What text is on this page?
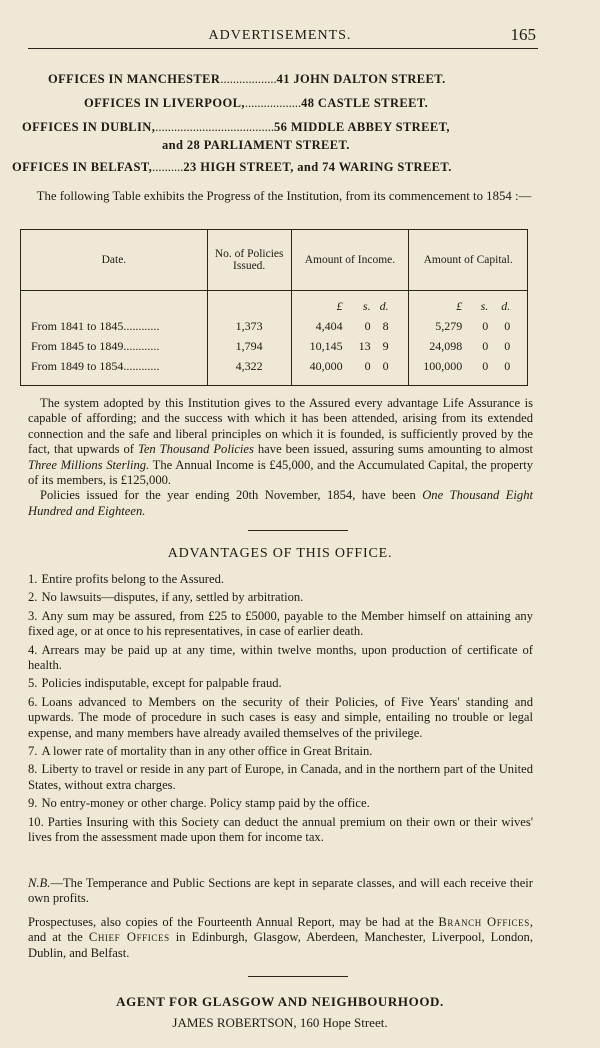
ADVERTISEMENTS.	165
OFFICES IN MANCHESTER..................41 JOHN DALTON STREET.
OFFICES IN LIVERPOOL,..................48 CASTLE STREET.
OFFICES IN DUBLIN,......................................56 MIDDLE ABBEY STREET,
and 28 PARLIAMENT STREET.
OFFICES IN BELFAST,..........23 HIGH STREET, and 74 WARING STREET.
The following Table exhibits the Progress of the Institution, from its commencement to 1854 :—
Date.	No. of Policies Issued.	Amount of Income.	Amount of Capital.
		£ s. d.	£ s. d.
From 1841 to 1845............	1,373	4,404 0 8	5,279 0 0
From 1845 to 1849............	1,794	10,145 13 9	24,098 0 0
From 1849 to 1854............	4,322	40,000 0 0	100,000 0 0

The system adopted by this Institution gives to the Assured every advantage Life Assurance is capable of affording; and the success with which it has been attended, arising from its extended connection and the safe and liberal principles on which it is founded, is sufficiently proved by the fact, that upwards of Ten Thousand Policies have been issued, assuring sums amounting to almost Three Millions Sterling. The Annual Income is £45,000, and the Accumulated Capital, the property of its members, is £125,000.

Policies issued for the year ending 20th November, 1854, have been One Thousand Eight Hundred and Eighteen.

ADVANTAGES OF THIS OFFICE.
1. Entire profits belong to the Assured.
2. No lawsuits—disputes, if any, settled by arbitration.
3. Any sum may be assured, from £25 to £5000, payable to the Member himself on attaining any fixed age, or at once to his representatives, in case of earlier death.
4. Arrears may be paid up at any time, within twelve months, upon production of certificate of health.
5. Policies indisputable, except for palpable fraud.
6. Loans advanced to Members on the security of their Policies, of Five Years' standing and upwards. The mode of procedure in such cases is easy and simple, entailing no trouble or legal expense, and many members have already availed themselves of the privilege.
7. A lower rate of mortality than in any other office in Great Britain.
8. Liberty to travel or reside in any part of Europe, in Canada, and in the northern part of the United States, without extra charges.
9. No entry-money or other charge. Policy stamp paid by the office.
10. Parties Insuring with this Society can deduct the annual premium on their own or their wives' lives from the assessment made upon them for income tax.
N.B.—The Temperance and Public Sections are kept in separate classes, and will each receive their own profits.
Prospectuses, also copies of the Fourteenth Annual Report, may be had at the Branch Offices, and at the Chief Offices in Edinburgh, Glasgow, Aberdeen, Manchester, Liverpool, London, Dublin, and Belfast.
AGENT FOR GLASGOW AND NEIGHBOURHOOD.
JAMES ROBERTSON, 160 Hope Street.
